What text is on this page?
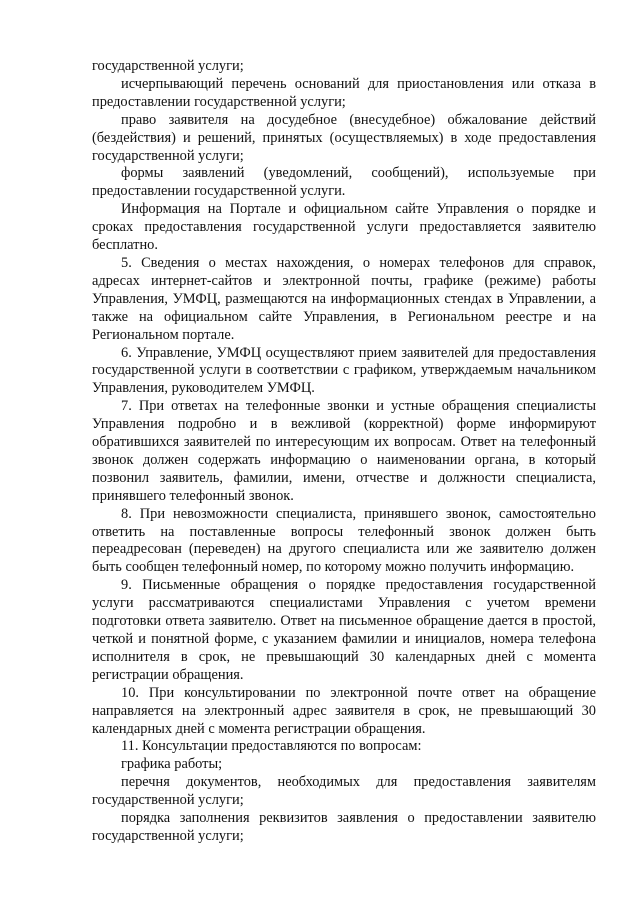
государственной услуги;

исчерпывающий перечень оснований для приостановления или отказа в предоставлении государственной услуги;

право заявителя на досудебное (внесудебное) обжалование действий (бездействия) и решений, принятых (осуществляемых) в ходе предоставления государственной услуги;

формы заявлений (уведомлений, сообщений), используемые при предоставлении государственной услуги.

Информация на Портале и официальном сайте Управления о порядке и сроках предоставления государственной услуги предоставляется заявителю бесплатно.

5. Сведения о местах нахождения, о номерах телефонов для справок, адресах интернет-сайтов и электронной почты, графике (режиме) работы Управления, УМФЦ, размещаются на информационных стендах в Управлении, а также на официальном сайте Управления, в Региональном реестре и на Региональном портале.

6. Управление, УМФЦ осуществляют прием заявителей для предоставления государственной услуги в соответствии с графиком, утверждаемым начальником Управления, руководителем УМФЦ.

7. При ответах на телефонные звонки и устные обращения специалисты Управления подробно и в вежливой (корректной) форме информируют обратившихся заявителей по интересующим их вопросам. Ответ на телефонный звонок должен содержать информацию о наименовании органа, в который позвонил заявитель, фамилии, имени, отчестве и должности специалиста, принявшего телефонный звонок.

8. При невозможности специалиста, принявшего звонок, самостоятельно ответить на поставленные вопросы телефонный звонок должен быть переадресован (переведен) на другого специалиста или же заявителю должен быть сообщен телефонный номер, по которому можно получить информацию.

9. Письменные обращения о порядке предоставления государственной услуги рассматриваются специалистами Управления с учетом времени подготовки ответа заявителю. Ответ на письменное обращение дается в простой, четкой и понятной форме, с указанием фамилии и инициалов, номера телефона исполнителя в срок, не превышающий 30 календарных дней с момента регистрации обращения.

10. При консультировании по электронной почте ответ на обращение направляется на электронный адрес заявителя в срок, не превышающий 30 календарных дней с момента регистрации обращения.

11. Консультации предоставляются по вопросам:

графика работы;

перечня документов, необходимых для предоставления заявителям государственной услуги;

порядка заполнения реквизитов заявления о предоставлении заявителю государственной услуги;
